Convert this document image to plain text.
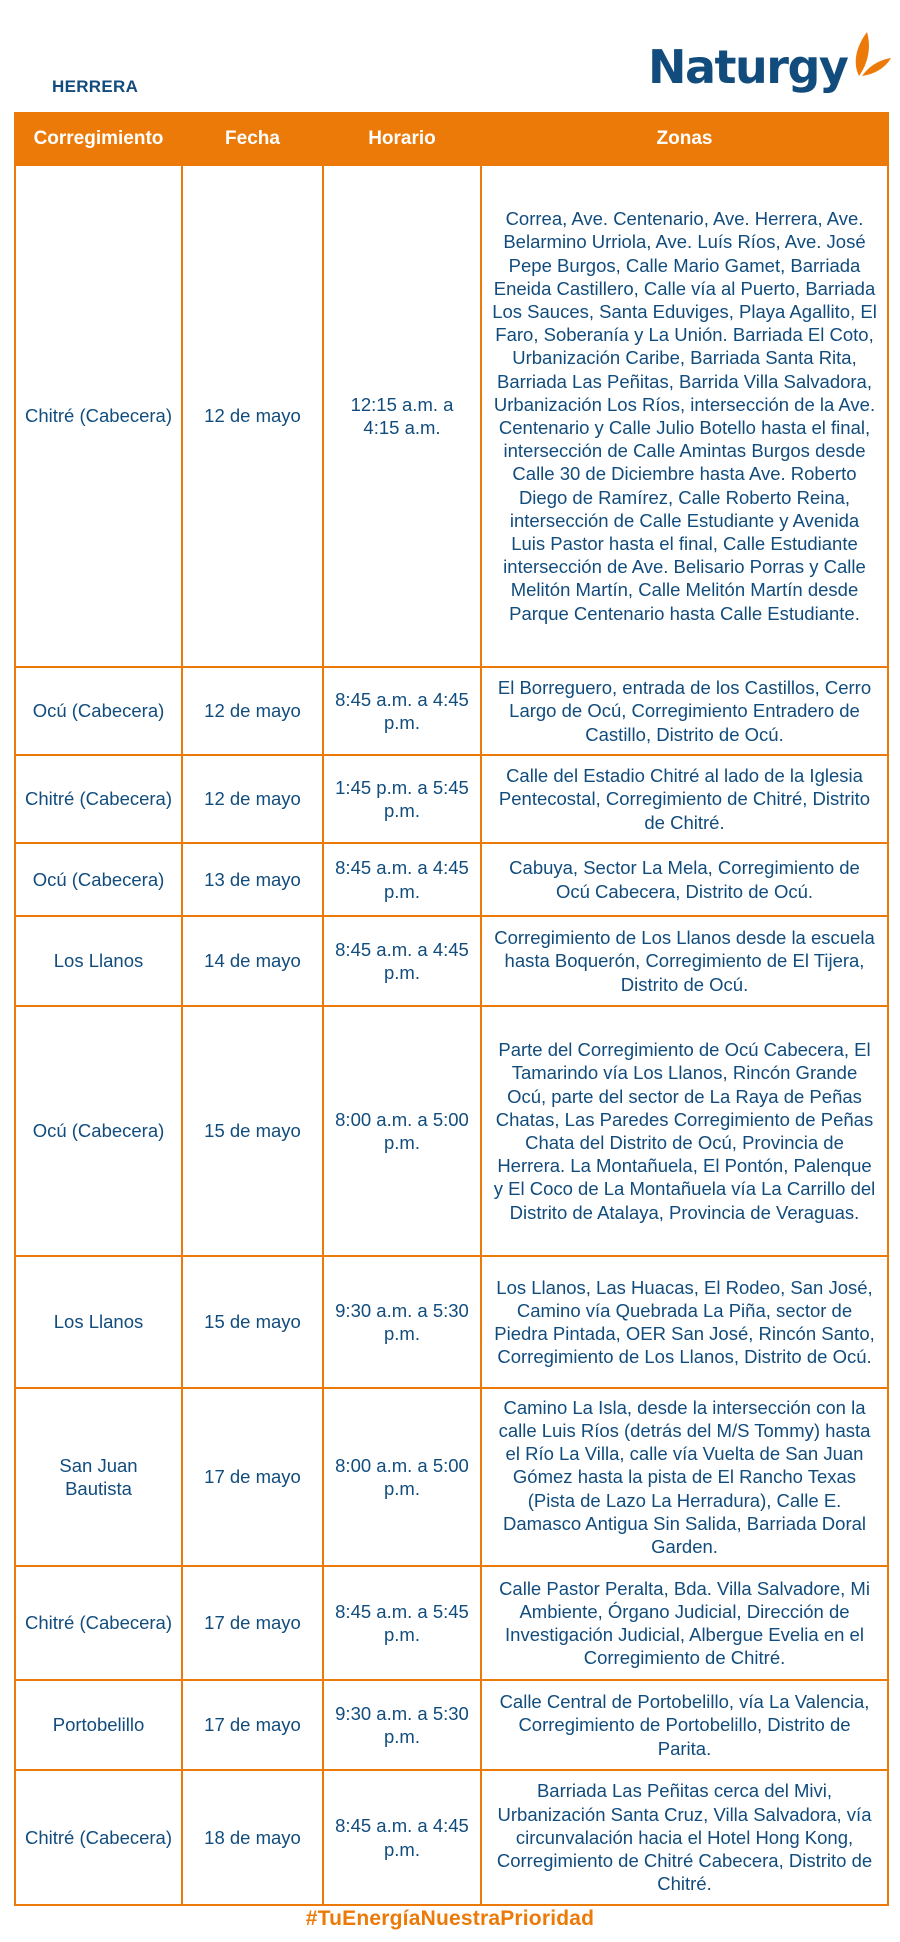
HERRERA	Naturgy
Corregimiento	Fecha	Horario	Zonas
Chitré (Cabecera)	12 de mayo	12:15 a.m. a 4:15 a.m.	Correa, Ave. Centenario, Ave. Herrera, Ave. Belarmino Urriola, Ave. Luís Ríos, Ave. José Pepe Burgos, Calle Mario Gamet, Barriada Eneida Castillero, Calle vía al Puerto, Barriada Los Sauces, Santa Eduviges, Playa Agallito, El Faro, Soberanía y La Unión. Barriada El Coto, Urbanización Caribe, Barriada Santa Rita, Barriada Las Peñitas, Barrida Villa Salvadora, Urbanización Los Ríos, intersección de la Ave. Centenario y Calle Julio Botello hasta el final, intersección de Calle Amintas Burgos desde Calle 30 de Diciembre hasta Ave. Roberto Diego de Ramírez, Calle Roberto Reina, intersección de Calle Estudiante y Avenida Luis Pastor hasta el final, Calle Estudiante intersección de Ave. Belisario Porras y Calle Melitón Martín, Calle Melitón Martín desde Parque Centenario hasta Calle Estudiante.
Ocú (Cabecera)	12 de mayo	8:45 a.m. a 4:45 p.m.	El Borreguero, entrada de los Castillos, Cerro Largo de Ocú, Corregimiento Entradero de Castillo, Distrito de Ocú.
Chitré (Cabecera)	12 de mayo	1:45 p.m. a 5:45 p.m.	Calle del Estadio Chitré al lado de la Iglesia Pentecostal, Corregimiento de Chitré, Distrito de Chitré.
Ocú (Cabecera)	13 de mayo	8:45 a.m. a 4:45 p.m.	Cabuya, Sector La Mela, Corregimiento de Ocú Cabecera, Distrito de Ocú.
Los Llanos	14 de mayo	8:45 a.m. a 4:45 p.m.	Corregimiento de Los Llanos desde la escuela hasta Boquerón, Corregimiento de El Tijera, Distrito de Ocú.
Ocú (Cabecera)	15 de mayo	8:00 a.m. a 5:00 p.m.	Parte del Corregimiento de Ocú Cabecera, El Tamarindo vía Los Llanos, Rincón Grande Ocú, parte del sector de La Raya de Peñas Chatas, Las Paredes Corregimiento de Peñas Chata del Distrito de Ocú, Provincia de Herrera. La Montañuela, El Pontón, Palenque y El Coco de La Montañuela vía La Carrillo del Distrito de Atalaya, Provincia de Veraguas.
Los Llanos	15 de mayo	9:30 a.m. a 5:30 p.m.	Los Llanos, Las Huacas, El Rodeo, San José, Camino vía Quebrada La Piña, sector de Piedra Pintada, OER San José, Rincón Santo, Corregimiento de Los Llanos, Distrito de Ocú.
San Juan Bautista	17 de mayo	8:00 a.m. a 5:00 p.m.	Camino La Isla, desde la intersección con la calle Luis Ríos (detrás del M/S Tommy) hasta el Río La Villa, calle vía Vuelta de San Juan Gómez hasta la pista de El Rancho Texas (Pista de Lazo La Herradura), Calle E. Damasco Antigua Sin Salida, Barriada Doral Garden.
Chitré (Cabecera)	17 de mayo	8:45 a.m. a 5:45 p.m.	Calle Pastor Peralta, Bda. Villa Salvadore, Mi Ambiente, Órgano Judicial, Dirección de Investigación Judicial, Albergue Evelia en el Corregimiento de Chitré.
Portobelillo	17 de mayo	9:30 a.m. a 5:30 p.m.	Calle Central de Portobelillo, vía La Valencia, Corregimiento de Portobelillo, Distrito de Parita.
Chitré (Cabecera)	18 de mayo	8:45 a.m. a 4:45 p.m.	Barriada Las Peñitas cerca del Mivi, Urbanización Santa Cruz, Villa Salvadora, vía circunvalación hacia el Hotel Hong Kong, Corregimiento de Chitré Cabecera, Distrito de Chitré.
#TuEnergíaNuestraPrioridad
